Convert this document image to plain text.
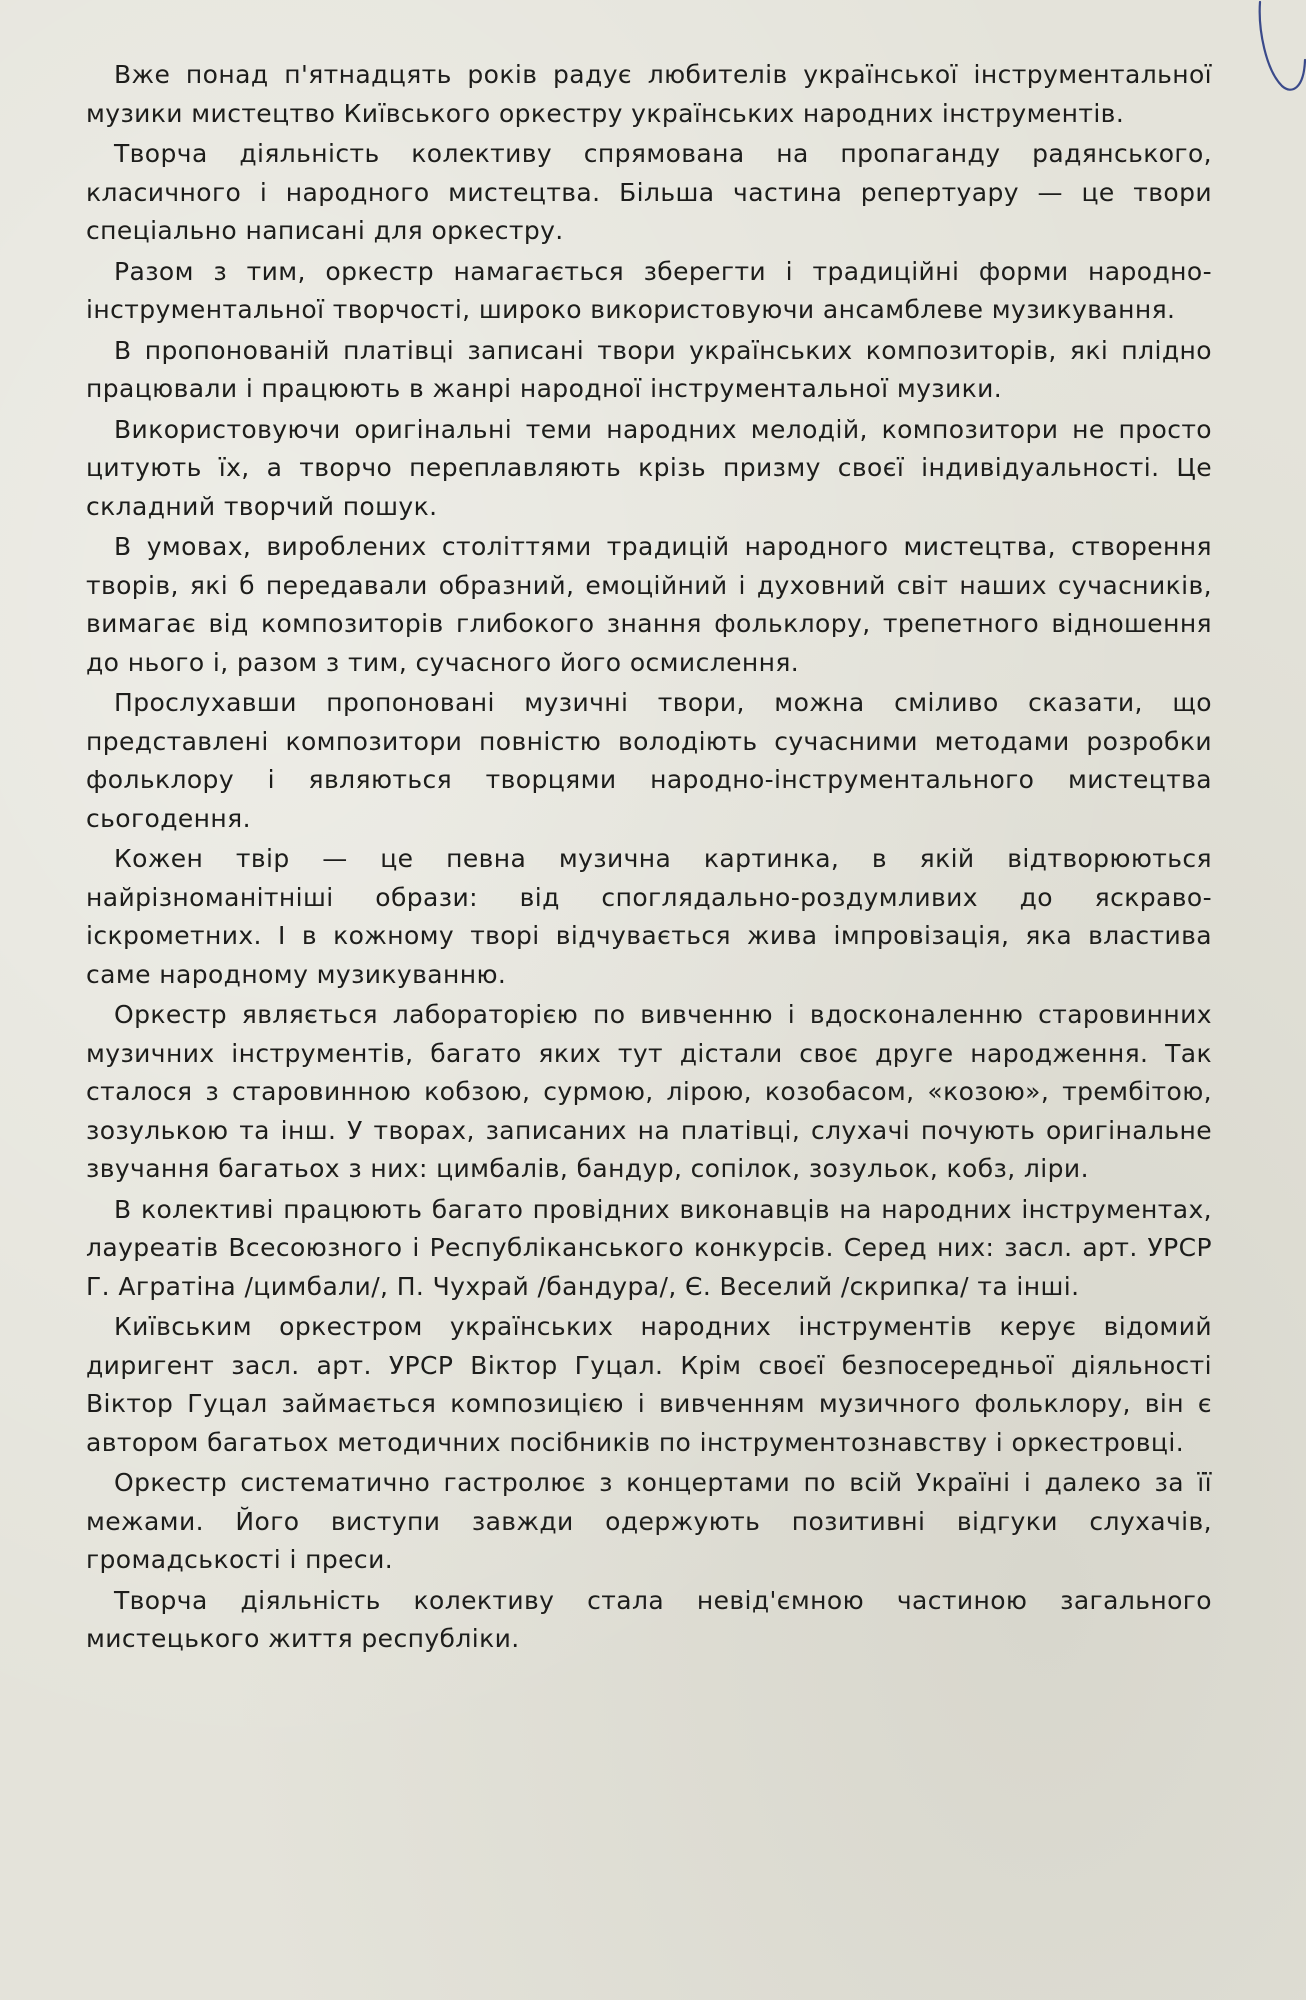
Вже понад п'ятнадцять років радує любителів української інструментальної музики мистецтво Київського оркестру українських народних інструментів.

Творча діяльність колективу спрямована на пропаганду радянського, класичного і народного мистецтва. Більша частина репертуару — це твори спеціально написані для оркестру.

Разом з тим, оркестр намагається зберегти і традиційні форми народно-інструментальної творчості, широко використовуючи ансамблеве музикування.

В пропонованій платівці записані твори українських композиторів, які плідно працювали і працюють в жанрі народної інструментальної музики.

Використовуючи оригінальні теми народних мелодій, композитори не просто цитують їх, а творчо переплавляють крізь призму своєї індивідуальності. Це складний творчий пошук.

В умовах, вироблених століттями традицій народного мистецтва, створення творів, які б передавали образний, емоційний і духовний світ наших сучасників, вимагає від композиторів глибокого знання фольклору, трепетного відношення до нього і, разом з тим, сучасного його осмислення.

Прослухавши пропоновані музичні твори, можна сміливо сказати, що представлені композитори повністю володіють сучасними методами розробки фольклору і являються творцями народно-інструментального мистецтва сьогодення.

Кожен твір — це певна музична картинка, в якій відтворюються найрізноманітніші образи: від споглядально-роздумливих до яскраво-іскрометних. І в кожному творі відчувається жива імпровізація, яка властива саме народному музикуванню.

Оркестр являється лабораторією по вивченню і вдосконаленню старовинних музичних інструментів, багато яких тут дістали своє друге народження. Так сталося з старовинною кобзою, сурмою, лірою, козобасом, «козою», трембітою, зозулькою та інш. У творах, записаних на платівці, слухачі почують оригінальне звучання багатьох з них: цимбалів, бандур, сопілок, зозульок, кобз, ліри.

В колективі працюють багато провідних виконавців на народних інструментах, лауреатів Всесоюзного і Республіканського конкурсів. Серед них: засл. арт. УРСР Г. Агратіна /цимбали/, П. Чухрай /бандура/, Є. Веселий /скрипка/ та інші.

Київським оркестром українських народних інструментів керує відомий диригент засл. арт. УРСР Віктор Гуцал. Крім своєї безпосередньої діяльності Віктор Гуцал займається композицією і вивченням музичного фольклору, він є автором багатьох методичних посібників по інструментознавству і оркестровці.

Оркестр систематично гастролює з концертами по всій Україні і далеко за її межами. Його виступи завжди одержують позитивні відгуки слухачів, громадськості і преси.

Творча діяльність колективу стала невід'ємною частиною загального мистецького життя республіки.
